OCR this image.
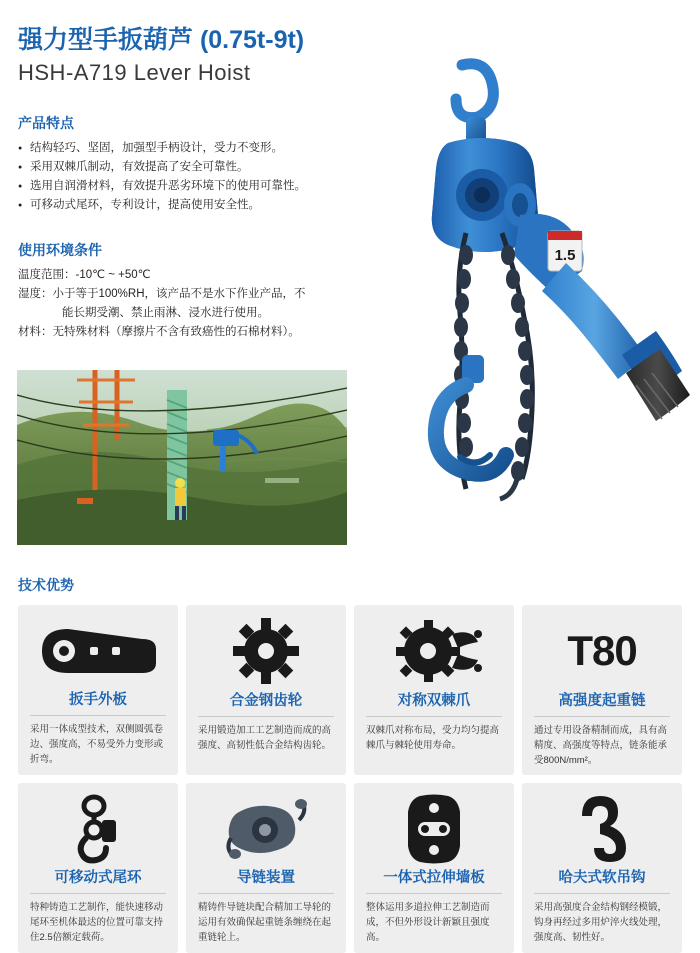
强力型手扳葫芦 (0.75t-9t)
HSH-A719 Lever Hoist
产品特点
● 结构轻巧、坚固，加强型手柄设计，受力不变形。
● 采用双棘爪制动，有效提高了安全可靠性。
● 选用自润滑材料，有效提升恶劣环境下的使用可靠性。
● 可移动式尾环，专利设计，提高使用安全性。
使用环境条件
温度范围：-10℃ ~ +50℃
湿度：小于等于100%RH，该产品不是水下作业产品，不
能长期受潮、禁止雨淋、浸水进行使用。
材料：无特殊材料（摩擦片不含有致癌性的石棉材料）。
1.5
技术优势
扳手外板
采用一体成型技术，双侧圆弧卷边、强度高，不易受外力变形或折弯。
合金钢齿轮
采用锻造加工工艺制造而成的高强度、高韧性低合金结构齿轮。
对称双棘爪
双棘爪对称布局，受力均匀提高棘爪与棘轮使用寿命。
T80
高强度起重链
通过专用设备精制而成，具有高精度、高强度等特点，链条能承受800N/mm²。
可移动式尾环
特种铸造工艺制作，能快速移动尾环至机体最迖的位置可靠支持住2.5倍额定载荷。
导链装置
精铸件导链块配合精加工导轮的运用有效确保起重链条缠绕在起重链轮上。
一体式拉伸墙板
整体运用多道拉伸工艺制造而成，不但外形设计新颖且强度高。
哈夫式软吊钩
采用高强度合金结构钢经模锻，钩身再经过多用炉淬火线处理，强度高、韧性好。
